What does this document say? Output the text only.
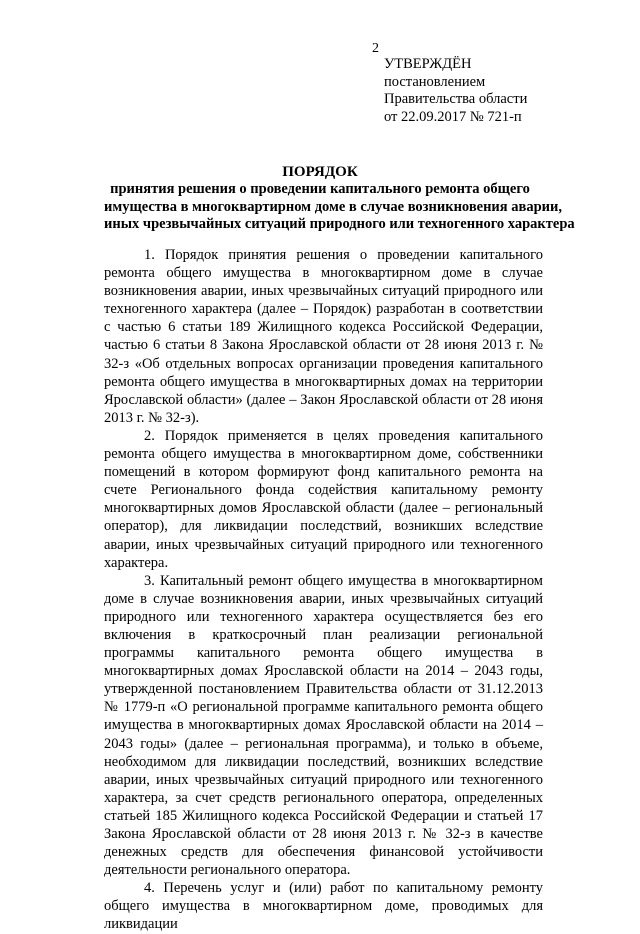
2
УТВЕРЖДЁН
постановлением
Правительства области
от 22.09.2017 № 721-п
ПОРЯДОК
принятия решения о проведении капитального ремонта общего
имущества в многоквартирном доме в случае возникновения аварии,
иных чрезвычайных ситуаций природного или техногенного характера

1. Порядок принятия решения о проведении капитального ремонта общего имущества в многоквартирном доме в случае возникновения аварии, иных чрезвычайных ситуаций природного или техногенного характера (далее – Порядок) разработан в соответствии с частью 6 статьи 189 Жилищного кодекса Российской Федерации, частью 6 статьи 8 Закона Ярославской области от 28 июня 2013 г. № 32-з «Об отдельных вопросах организации проведения капитального ремонта общего имущества в многоквартирных домах на территории Ярославской области» (далее – Закон Ярославской области от 28 июня 2013 г. № 32-з).

2. Порядок применяется в целях проведения капитального ремонта общего имущества в многоквартирном доме, собственники помещений в котором формируют фонд капитального ремонта на счете Регионального фонда содействия капитальному ремонту многоквартирных домов Ярославской области (далее – региональный оператор), для ликвидации последствий, возникших вследствие аварии, иных чрезвычайных ситуаций природного или техногенного характера.

3. Капитальный ремонт общего имущества в многоквартирном доме в случае возникновения аварии, иных чрезвычайных ситуаций природного или техногенного характера осуществляется без его включения в краткосрочный план реализации региональной программы капитального ремонта общего имущества в многоквартирных домах Ярославской области на 2014 – 2043 годы, утвержденной постановлением Правительства области от 31.12.2013 № 1779-п «О региональной программе капитального ремонта общего имущества в многоквартирных домах Ярославской области на 2014 – 2043 годы» (далее – региональная программа), и только в объеме, необходимом для ликвидации последствий, возникших вследствие аварии, иных чрезвычайных ситуаций природного или техногенного характера, за счет средств регионального оператора, определенных статьей 185 Жилищного кодекса Российской Федерации и статьей 17 Закона Ярославской области от 28 июня 2013 г. № 32-з в качестве денежных средств для обеспечения финансовой устойчивости деятельности регионального оператора.

4. Перечень услуг и (или) работ по капитальному ремонту общего имущества в многоквартирном доме, проводимых для ликвидации
